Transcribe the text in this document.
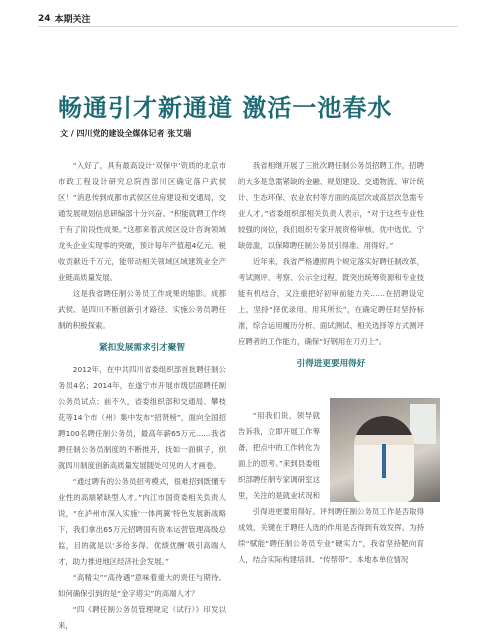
24 本期关注
畅通引才新通道 激活一池春水
文 / 四川党的建设全媒体记者 张艾瑞

“入好了，具有最高设计‘双保中’资质的北京市市政工程设计研究总院西部川区确定落户武侯区！”消息传到成都市武侯区住房建设和交通局，交通发展规划信息研编部十分兴奋。“积能就聘工作终于有了阶段性成果。”这都来着武侯区设计咨询领域龙头企业实现零的突破，预计每年产值超4亿元、税收贡献近千万元，能带动相关领域区域建筑业全产业链高质量发展。

这是我省聘任制公务员工作成果的缩影。成都武侯、是四川不断创新引才路径、实施公务员聘任制的积极探索。

紧扣发展需求引才聚智

2012年，在中共四川省委组织部首批聘任制公务员4名；2014年，在遂宁市开展市级层面聘任制公务员试点；前不久，省委组织部和交通局、攀枝花等14个市（州）集中发布“招贤榜”，面向全国招聘100名聘任制公务员，最高年薪65万元……我省聘任制公务员制度的不断推开，抚如一面棋子，织就四川制度创新高质量发展随处可见的人才画卷。

“通过聘有的公务员招考模式，很难招到既懂专业性的高端紧缺型人才。”内江市国资委相关负责人说，“在泸州市深入实施‘一体两翼’特色发展新战略下，我们拿出65万元招聘国有资本运营管理高级总监，目的就是以‘多给多得、优绩优酬’吸引高端人才，助力推进地区经济社会发展。”

“高精尖”“高待遇”意味着重大的责任与期待。如何确保引到的是“金字塔尖”的高端人才？

“四《聘任制公务员管理规定（试行）》印发以来，

我省相继开展了三批次聘任制公务员招聘工作，招聘的大多是急需紧缺的金融、规划建设、交通物流、审计统计、生态环保、农业农村等方面的高层次或高层次急需专业人才。”省委组织部相关负责人表示，“对于这些专业性较强的岗位，我们组织专家开展资格审核、优中选优、宁缺毋滥，以保障聘任制公务员引得准、用得好。”

近年来，我省严格遵照两个规定落实好聘任制改革，考试测评、考察、公示全过程，既突出统筹资源和专业技能有机结合，又注重把好初审前能力关……在招聘设定上，坚持“择优录用、用其所长”，在确定聘任时坚持标准，综合运用履历分析、面试测试、相关选择等方式测评应聘者的工作能力，确保“好钢用在刀刃上”。

引得进更要用得好

“用我们说，领导就告诉我，立即开展工作筹备，把点中的工作转化为面上的思考。”来到县委组织部聘任制专家调研室这里，关注的是就业状况和

引得进更要用得好。评判聘任制公务员工作是否取得成效，关键在于聘任人选的作用是否得到有效发挥。为持续“赋能”聘任制公务员专业“硬实力”，我省坚持靶向育人，结合实际构建培训、“传帮带”、本地本单位情况
